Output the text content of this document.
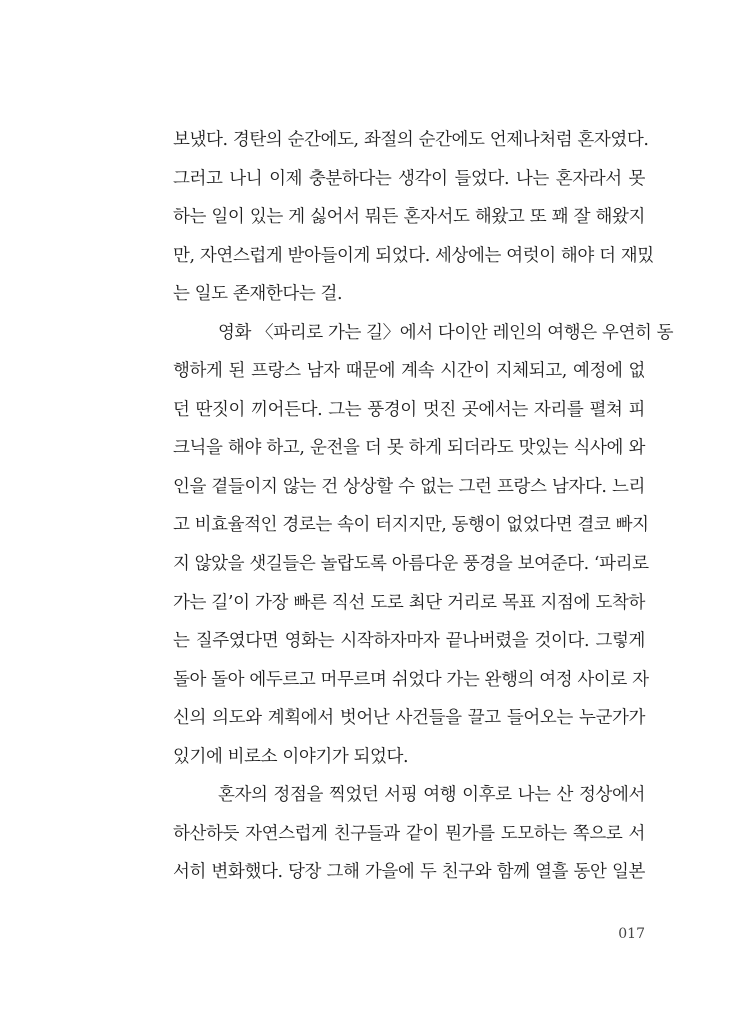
보냈다. 경탄의 순간에도, 좌절의 순간에도 언제나처럼 혼자였다.
그러고 나니 이제 충분하다는 생각이 들었다. 나는 혼자라서 못
하는 일이 있는 게 싫어서 뭐든 혼자서도 해왔고 또 꽤 잘 해왔지
만, 자연스럽게 받아들이게 되었다. 세상에는 여럿이 해야 더 재밌
는 일도 존재한다는 걸.
영화 〈파리로 가는 길〉에서 다이안 레인의 여행은 우연히 동
행하게 된 프랑스 남자 때문에 계속 시간이 지체되고, 예정에 없
던 딴짓이 끼어든다. 그는 풍경이 멋진 곳에서는 자리를 펼쳐 피
크닉을 해야 하고, 운전을 더 못 하게 되더라도 맛있는 식사에 와
인을 곁들이지 않는 건 상상할 수 없는 그런 프랑스 남자다. 느리
고 비효율적인 경로는 속이 터지지만, 동행이 없었다면 결코 빠지
지 않았을 샛길들은 놀랍도록 아름다운 풍경을 보여준다. ‘파리로
가는 길’이 가장 빠른 직선 도로 최단 거리로 목표 지점에 도착하
는 질주였다면 영화는 시작하자마자 끝나버렸을 것이다. 그렇게
돌아 돌아 에두르고 머무르며 쉬었다 가는 완행의 여정 사이로 자
신의 의도와 계획에서 벗어난 사건들을 끌고 들어오는 누군가가
있기에 비로소 이야기가 되었다.
혼자의 정점을 찍었던 서핑 여행 이후로 나는 산 정상에서
하산하듯 자연스럽게 친구들과 같이 뭔가를 도모하는 쪽으로 서
서히 변화했다. 당장 그해 가을에 두 친구와 함께 열흘 동안 일본
017
